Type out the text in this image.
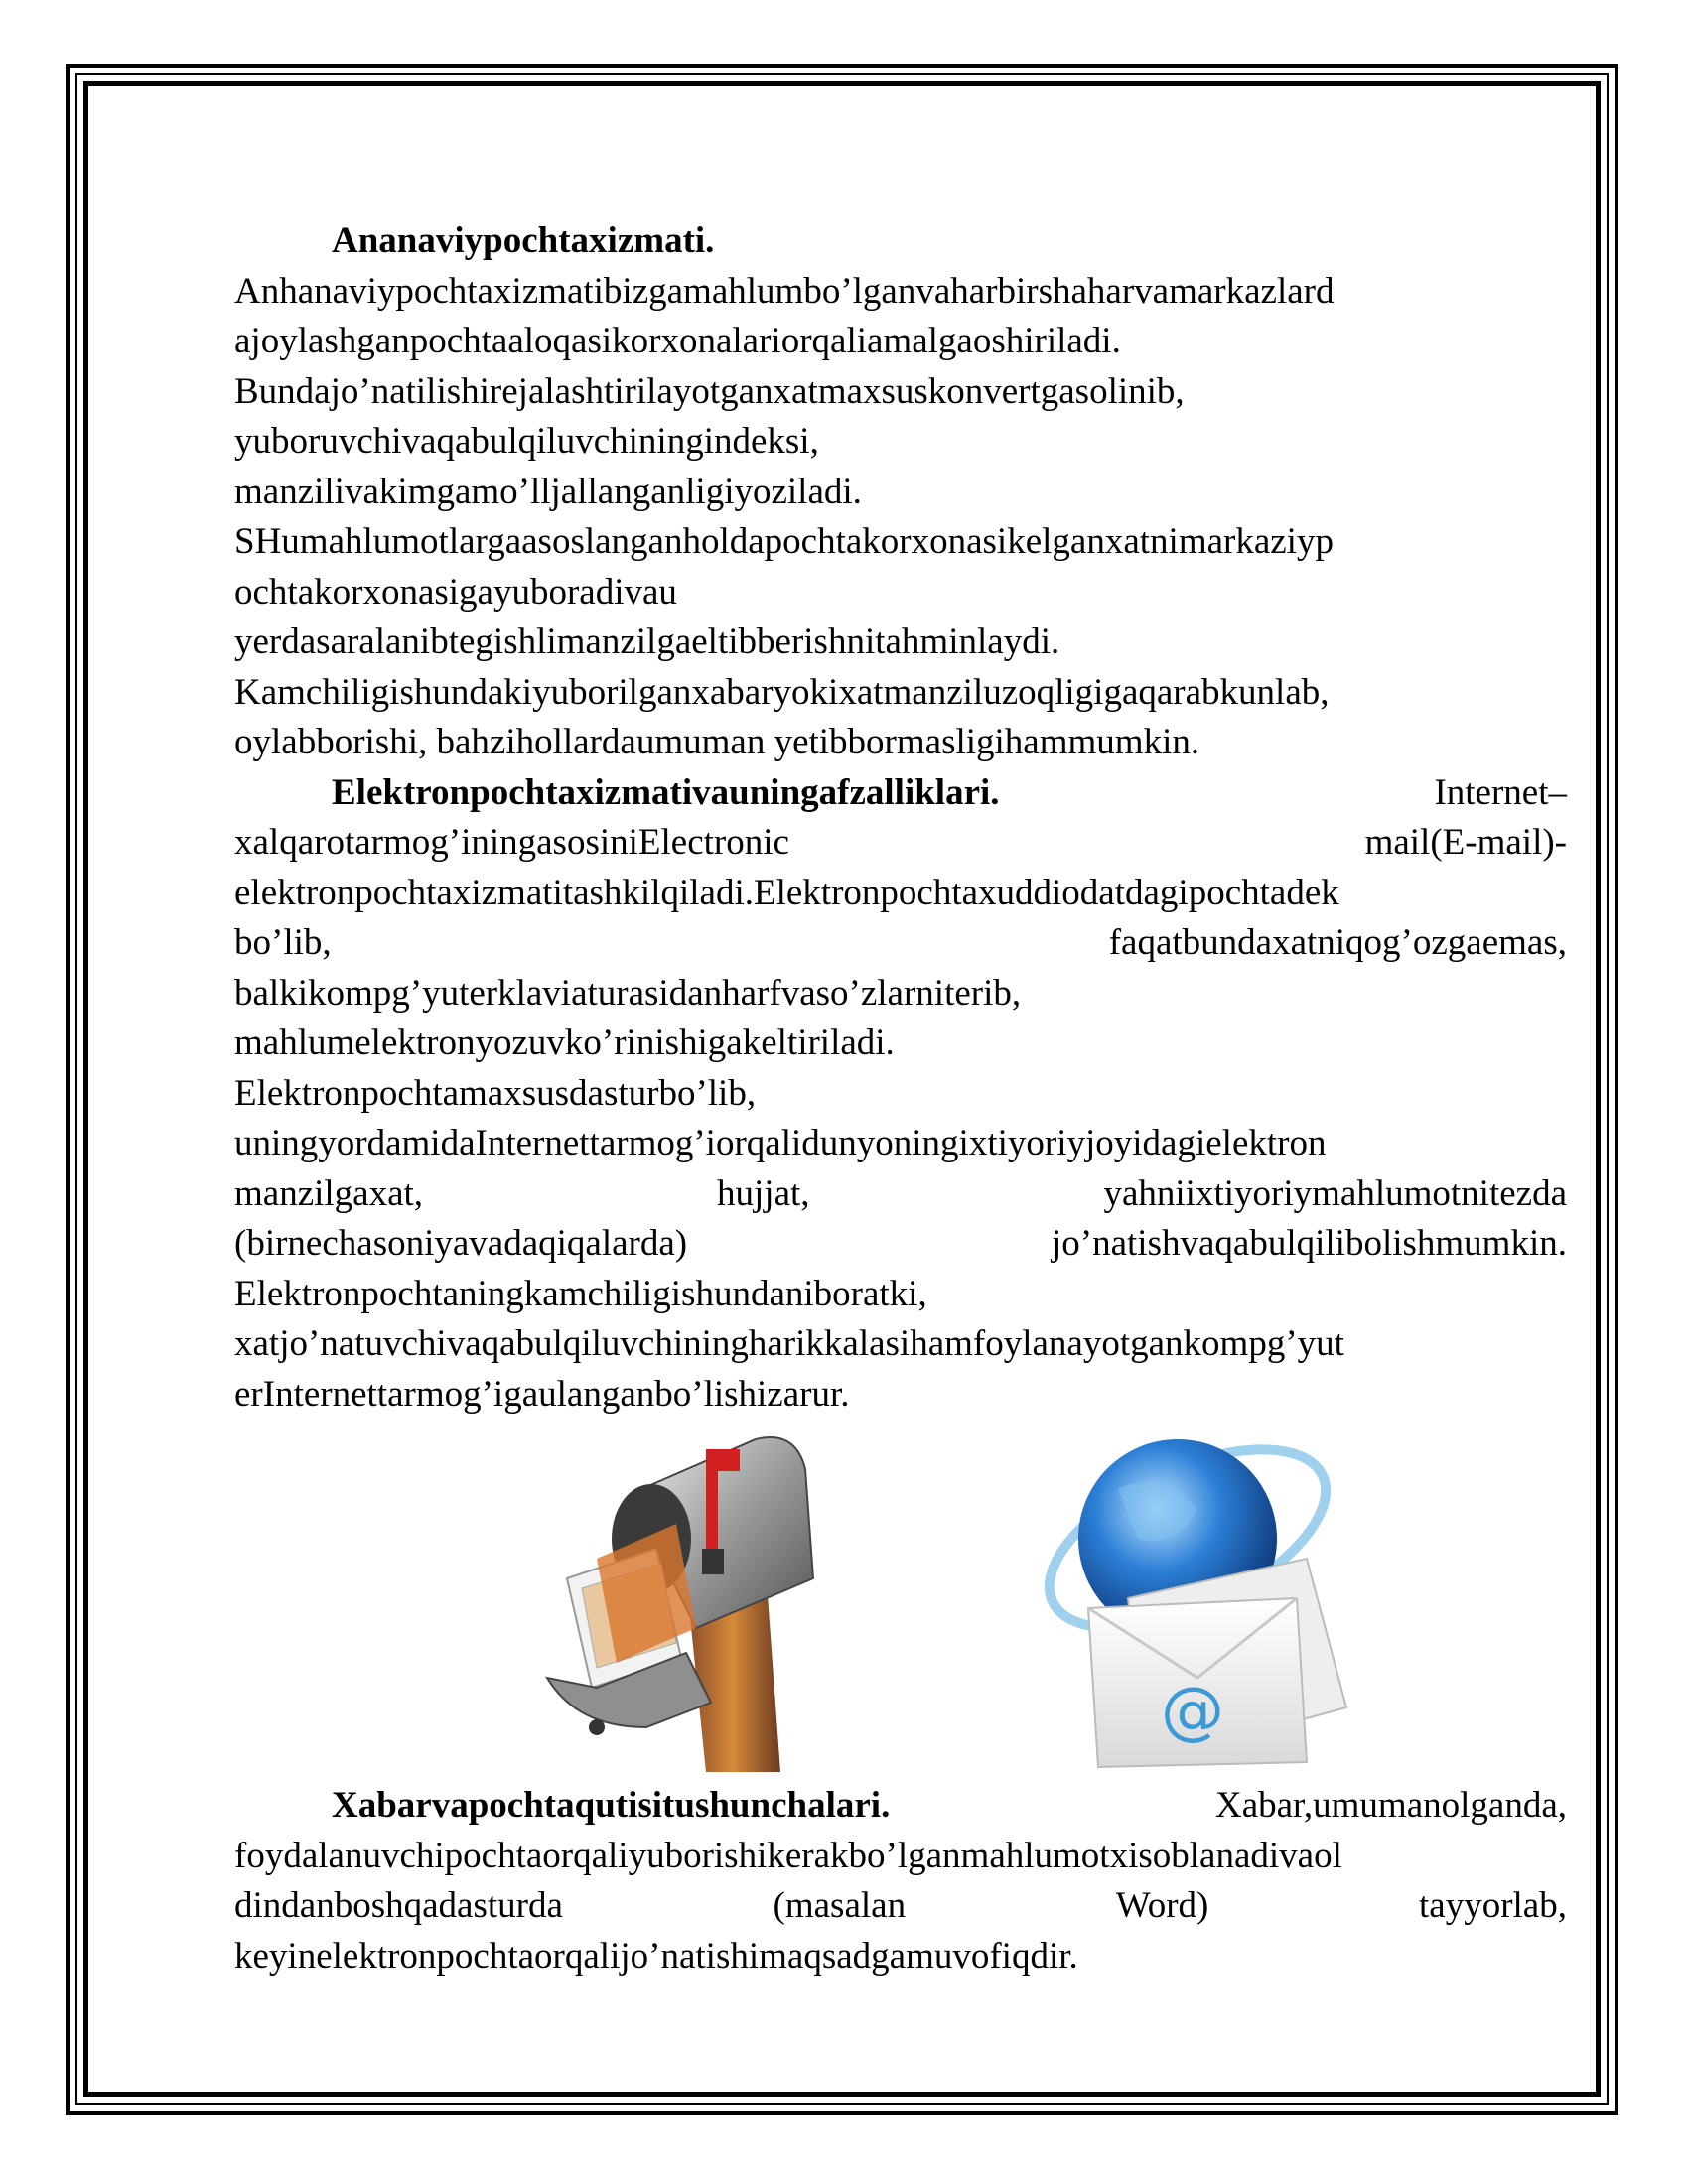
Ananaviypochtaxizmati.
Anhanaviypochtaxizmatibizgamahlumbo’lganvaharbirshaharvamarkazlard
ajoylashganpochtaaloqasikorxonalariorqaliamalgaoshiriladi.
Bundajo’natilishirejalashtirilayotganxatmaxsuskonvertgasolinib,
yuboruvchivaqabulqiluvchiningindeksi,
manzilivakimgamo’lljallanganligiyoziladi.
SHumahlumotlargaasoslanganholdapochtakorxonasikelganxatnimarkaziyp
ochtakorxonasigayuboradivau
yerdasaralanibtegishlimanzilgaeltibberishnitahminlaydi.
Kamchiligishundakiyuborilganxabaryokixatmanziluzoqligigaqarabkunlab,
oylabborishi, bahzihollardaumuman yetibbormasligihammumkin.

Elektronpochtaxizmativauningafzalliklari.	Internet–
xalqarotarmog’iningasosiniElectronic	mail(E-mail)-
elektronpochtaxizmatitashkilqiladi.Elektronpochtaxuddiodatdagipochtadek
bo’lib,	faqatbundaxatniqog’ozgaemas,
balkikompg’yuterklaviaturasidanharfvaso’zlarniterib,
mahlumelektronyozuvko’rinishigakeltiriladi.
Elektronpochtamaxsusdasturbo’lib,
uningyordamidaInternettarmog’iorqalidunyoningixtiyoriyjoyidagielektron
manzilgaxat,	hujjat,	yahniixtiyoriymahlumotnitezda
(birnechasoniyavadaqiqalarda)	jo’natishvaqabulqilibolishmumkin.
Elektronpochtaningkamchiligishundaniboratki,
xatjo’natuvchivaqabulqiluvchiningharikkalasihamfoylanayotgankompg’yut
erInternettarmog’igaulanganbo’lishizarur.

@

Xabarvapochtaqutisitushunchalari.	Xabar,umumanolganda,
foydalanuvchipochtaorqaliyuborishikerakbo’lganmahlumotxisoblanadivaol
dindanboshqadasturda	(masalan	Word)	tayyorlab,
keyinelektronpochtaorqalijo’natishimaqsadgamuvofiqdir.
